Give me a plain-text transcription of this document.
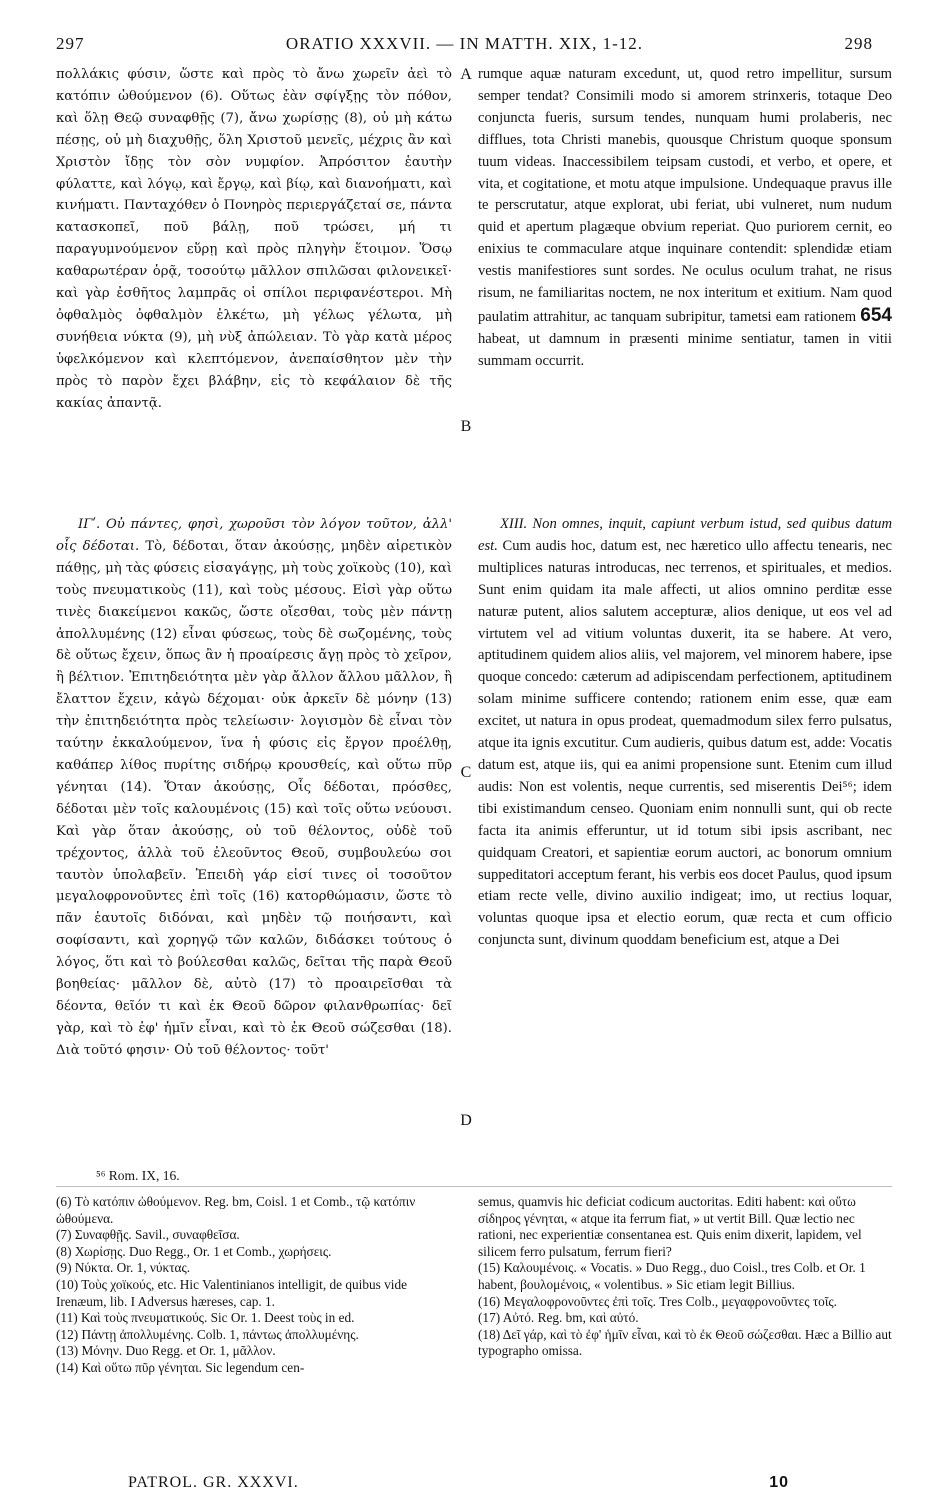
297	ORATIO XXXVII. — IN MATTH. XIX, 1-12.	298

πολλάκις φύσιν, ὥστε καὶ πρὸς τὸ ἄνω χωρεῖν ἀεὶ τὸ κατόπιν ὠθούμενον (6). Οὕτως ἐὰν σφίγξῃς τὸν πόθον, καὶ ὅλῃ Θεῷ συναφθῇς (7), ἄνω χωρίσῃς (8), οὐ μὴ κάτω πέσῃς, οὐ μὴ διαχυθῇς, ὅλη Χριστοῦ μενεῖς, μέχρις ἂν καὶ Χριστὸν ἴδῃς τὸν σὸν νυμφίον. Ἀπρόσιτον ἑαυτὴν φύλαττε, καὶ λόγῳ, καὶ ἔργῳ, καὶ βίῳ, καὶ διανοήματι, καὶ κινήματι. Πανταχόθεν ὁ Πονηρὸς περιεργάζεταί σε, πάντα κατασκοπεῖ, ποῦ βάλῃ, ποῦ τρώσει, μή τι παραγυμνούμενον εὕρῃ καὶ πρὸς πληγὴν ἕτοιμον. Ὅσῳ καθαρωτέραν ὁρᾷ, τοσούτῳ μᾶλλον σπιλῶσαι φιλονεικεῖ· καὶ γὰρ ἐσθῆτος λαμπρᾶς οἱ σπίλοι περιφανέστεροι. Μὴ ὀφθαλμὸς ὀφθαλμὸν ἑλκέτω, μὴ γέλως γέλωτα, μὴ συνήθεια νύκτα (9), μὴ νὺξ ἀπώλειαν. Τὸ γὰρ κατὰ μέρος ὑφελκόμενον καὶ κλεπτόμενον, ἀνεπαίσθητον μὲν τὴν πρὸς τὸ παρὸν ἔχει βλάβην, εἰς τὸ κεφάλαιον δὲ τῆς κακίας ἀπαντᾷ.

rumque aquæ naturam excedunt, ut, quod retro impellitur, sursum semper tendat? Consimili modo si amorem strinxeris, totaque Deo conjuncta fueris, sursum tendes, nunquam humi prolaberis, nec difflues, tota Christi manebis, quousque Christum quoque sponsum tuum videas. Inaccessibilem teipsam custodi, et verbo, et opere, et vita, et cogitatione, et motu atque impulsione. Undequaque pravus ille te perscrutatur, atque explorat, ubi feriat, ubi vulneret, num nudum quid et apertum plagæque obvium reperiat. Quo puriorem cernit, eo enixius te commaculare atque inquinare contendit: splendidæ etiam vestis manifestiores sunt sordes. Ne oculus oculum trahat, ne risus risum, ne familiaritas noctem, ne nox interitum et exitium. Nam quod paulatim attrahitur, ac tanquam subripitur, tametsi eam rationem 654 habeat, ut damnum in præsenti minime sentiatur, tamen in vitii summam occurrit.

ΙΓʹ. Οὐ πάντες, φησὶ, χωροῦσι τὸν λόγον τοῦτον, ἀλλ' οἷς δέδοται. Τὸ, δέδοται, ὅταν ἀκούσῃς, μηδὲν αἱρετικὸν πάθῃς, μὴ τὰς φύσεις εἰσαγάγῃς, μὴ τοὺς χοϊκοὺς (10), καὶ τοὺς πνευματικοὺς (11), καὶ τοὺς μέσους. Εἰσὶ γὰρ οὕτω τινὲς διακείμενοι κακῶς, ὥστε οἴεσθαι, τοὺς μὲν πάντῃ ἀπολλυμένης (12) εἶναι φύσεως, τοὺς δὲ σωζομένης, τοὺς δὲ οὕτως ἔχειν, ὅπως ἂν ἡ προαίρεσις ἄγῃ πρὸς τὸ χεῖρον, ἢ βέλτιον. Ἐπιτηδειότητα μὲν γὰρ ἄλλον ἄλλου μᾶλλον, ἢ ἔλαττον ἔχειν, κἀγὼ δέχομαι· οὐκ ἀρκεῖν δὲ μόνην (13) τὴν ἐπιτηδειότητα πρὸς τελείωσιν· λογισμὸν δὲ εἶναι τὸν ταύτην ἐκκαλούμενον, ἵνα ἡ φύσις εἰς ἔργον προέλθῃ, καθάπερ λίθος πυρίτης σιδήρῳ κρουσθείς, καὶ οὕτω πῦρ γένηται (14). Ὅταν ἀκούσῃς, Οἷς δέδοται, πρόσθες, δέδοται μὲν τοῖς καλουμένοις (15) καὶ τοῖς οὕτω νεύουσι. Καὶ γὰρ ὅταν ἀκούσῃς, οὐ τοῦ θέλοντος, οὐδὲ τοῦ τρέχοντος, ἀλλὰ τοῦ ἐλεοῦντος Θεοῦ, συμβουλεύω σοι ταυτὸν ὑπολαβεῖν. Ἐπειδὴ γάρ εἰσί τινες οἱ τοσοῦτον μεγαλοφρονοῦντες ἐπὶ τοῖς (16) κατορθώμασιν, ὥστε τὸ πᾶν ἑαυτοῖς διδόναι, καὶ μηδὲν τῷ ποιήσαντι, καὶ σοφίσαντι, καὶ χορηγῷ τῶν καλῶν, διδάσκει τούτους ὁ λόγος, ὅτι καὶ τὸ βούλεσθαι καλῶς, δεῖται τῆς παρὰ Θεοῦ βοηθείας· μᾶλλον δὲ, αὐτὸ (17) τὸ προαιρεῖσθαι τὰ δέοντα, θεῖόν τι καὶ ἐκ Θεοῦ δῶρον φιλανθρωπίας· δεῖ γὰρ, καὶ τὸ ἐφ' ἡμῖν εἶναι, καὶ τὸ ἐκ Θεοῦ σώζεσθαι (18). Διὰ τοῦτό φησιν· Οὐ τοῦ θέλοντος· τοῦτ'

XIII. Non omnes, inquit, capiunt verbum istud, sed quibus datum est. Cum audis hoc, datum est, nec hæretico ullo affectu tenearis, nec multiplices naturas introducas, nec terrenos, et spirituales, et medios. Sunt enim quidam ita male affecti, ut alios omnino perditæ esse naturæ putent, alios salutem accepturæ, alios denique, ut eos vel ad virtutem vel ad vitium voluntas duxerit, ita se habere. At vero, aptitudinem quidem alios aliis, vel majorem, vel minorem habere, ipse quoque concedo: cæterum ad adipiscendam perfectionem, aptitudinem solam minime sufficere contendo; rationem enim esse, quæ eam excitet, ut natura in opus prodeat, quemadmodum silex ferro pulsatus, atque ita ignis excutitur. Cum audieris, quibus datum est, adde: Vocatis datum est, atque iis, qui ea animi propensione sunt. Etenim cum illud audis: Non est volentis, neque currentis, sed miserentis Dei⁵⁶; idem tibi existimandum censeo. Quoniam enim nonnulli sunt, qui ob recte facta ita animis efferuntur, ut id totum sibi ipsis ascribant, nec quidquam Creatori, et sapientiæ eorum auctori, ac bonorum omnium suppeditatori acceptum ferant, his verbis eos docet Paulus, quod ipsum etiam recte velle, divino auxilio indigeat; imo, ut rectius loquar, voluntas quoque ipsa et electio eorum, quæ recta et cum officio conjuncta sunt, divinum quoddam beneficium est, atque a Dei

A
B
C
D
⁵⁶ Rom. IX, 16.

(6) Τὸ κατόπιν ὠθούμενον. Reg. bm, Coisl. 1 et Comb., τῷ κατόπιν ὠθούμενα.

(7) Συναφθῇς. Savil., συναφθεῖσα.

(8) Χωρίσῃς. Duo Regg., Or. 1 et Comb., χωρήσεις.

(9) Νύκτα. Or. 1, νύκτας.

(10) Τοὺς χοϊκούς, etc. Hic Valentinianos intelligit, de quibus vide Irenæum, lib. I Adversus hæreses, cap. 1.

(11) Καὶ τοὺς πνευματικούς. Sic Or. 1. Deest τοὺς in ed.

(12) Πάντῃ ἀπολλυμένης. Colb. 1, πάντως ἀπολλυμένης.

(13) Μόνην. Duo Regg. et Or. 1, μᾶλλον.

(14) Καὶ οὕτω πῦρ γένηται. Sic legendum cen-

semus, quamvis hic deficiat codicum auctoritas. Editi habent: καὶ οὕτω σίδηρος γένηται, « atque ita ferrum fiat, » ut vertit Bill. Quæ lectio nec rationi, nec experientiæ consentanea est. Quis enim dixerit, lapidem, vel silicem ferro pulsatum, ferrum fieri?

(15) Καλουμένοις. « Vocatis. » Duo Regg., duo Coisl., tres Colb. et Or. 1 habent, βουλομένοις, « volentibus. » Sic etiam legit Billius.

(16) Μεγαλοφρονοῦντες ἐπὶ τοῖς. Tres Colb., μεγαφρονοῦντες τοῖς.

(17) Αὐτό. Reg. bm, καὶ αὐτό.

(18) Δεῖ γάρ, καὶ τὸ ἐφ' ἡμῖν εἶναι, καὶ τὸ ἐκ Θεοῦ σώζεσθαι. Hæc a Billio aut typographo omissa.

PATROL. GR. XXXVI.	10
